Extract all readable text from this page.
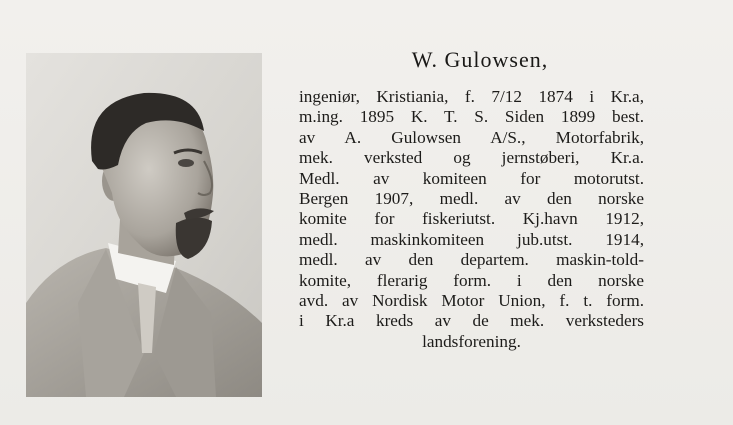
W. Gulowsen,
ingeniør, Kristiania, f. 7/12 1874 i Kr.a,
m.ing. 1895 K. T. S. Siden 1899 best.
av A. Gulowsen A/S., Motorfabrik,
mek. verksted og jernstøberi, Kr.a.
Medl. av komiteen for motorutst.
Bergen 1907, medl. av den norske
komite for fiskeriutst. Kj.havn 1912,
medl. maskinkomiteen jub.utst. 1914,
medl. av den departem. maskin-told-
komite, flerarig form. i den norske
avd. av Nordisk Motor Union, f. t. form.
i Kr.a kreds av de mek. verksteders
landsforening.
